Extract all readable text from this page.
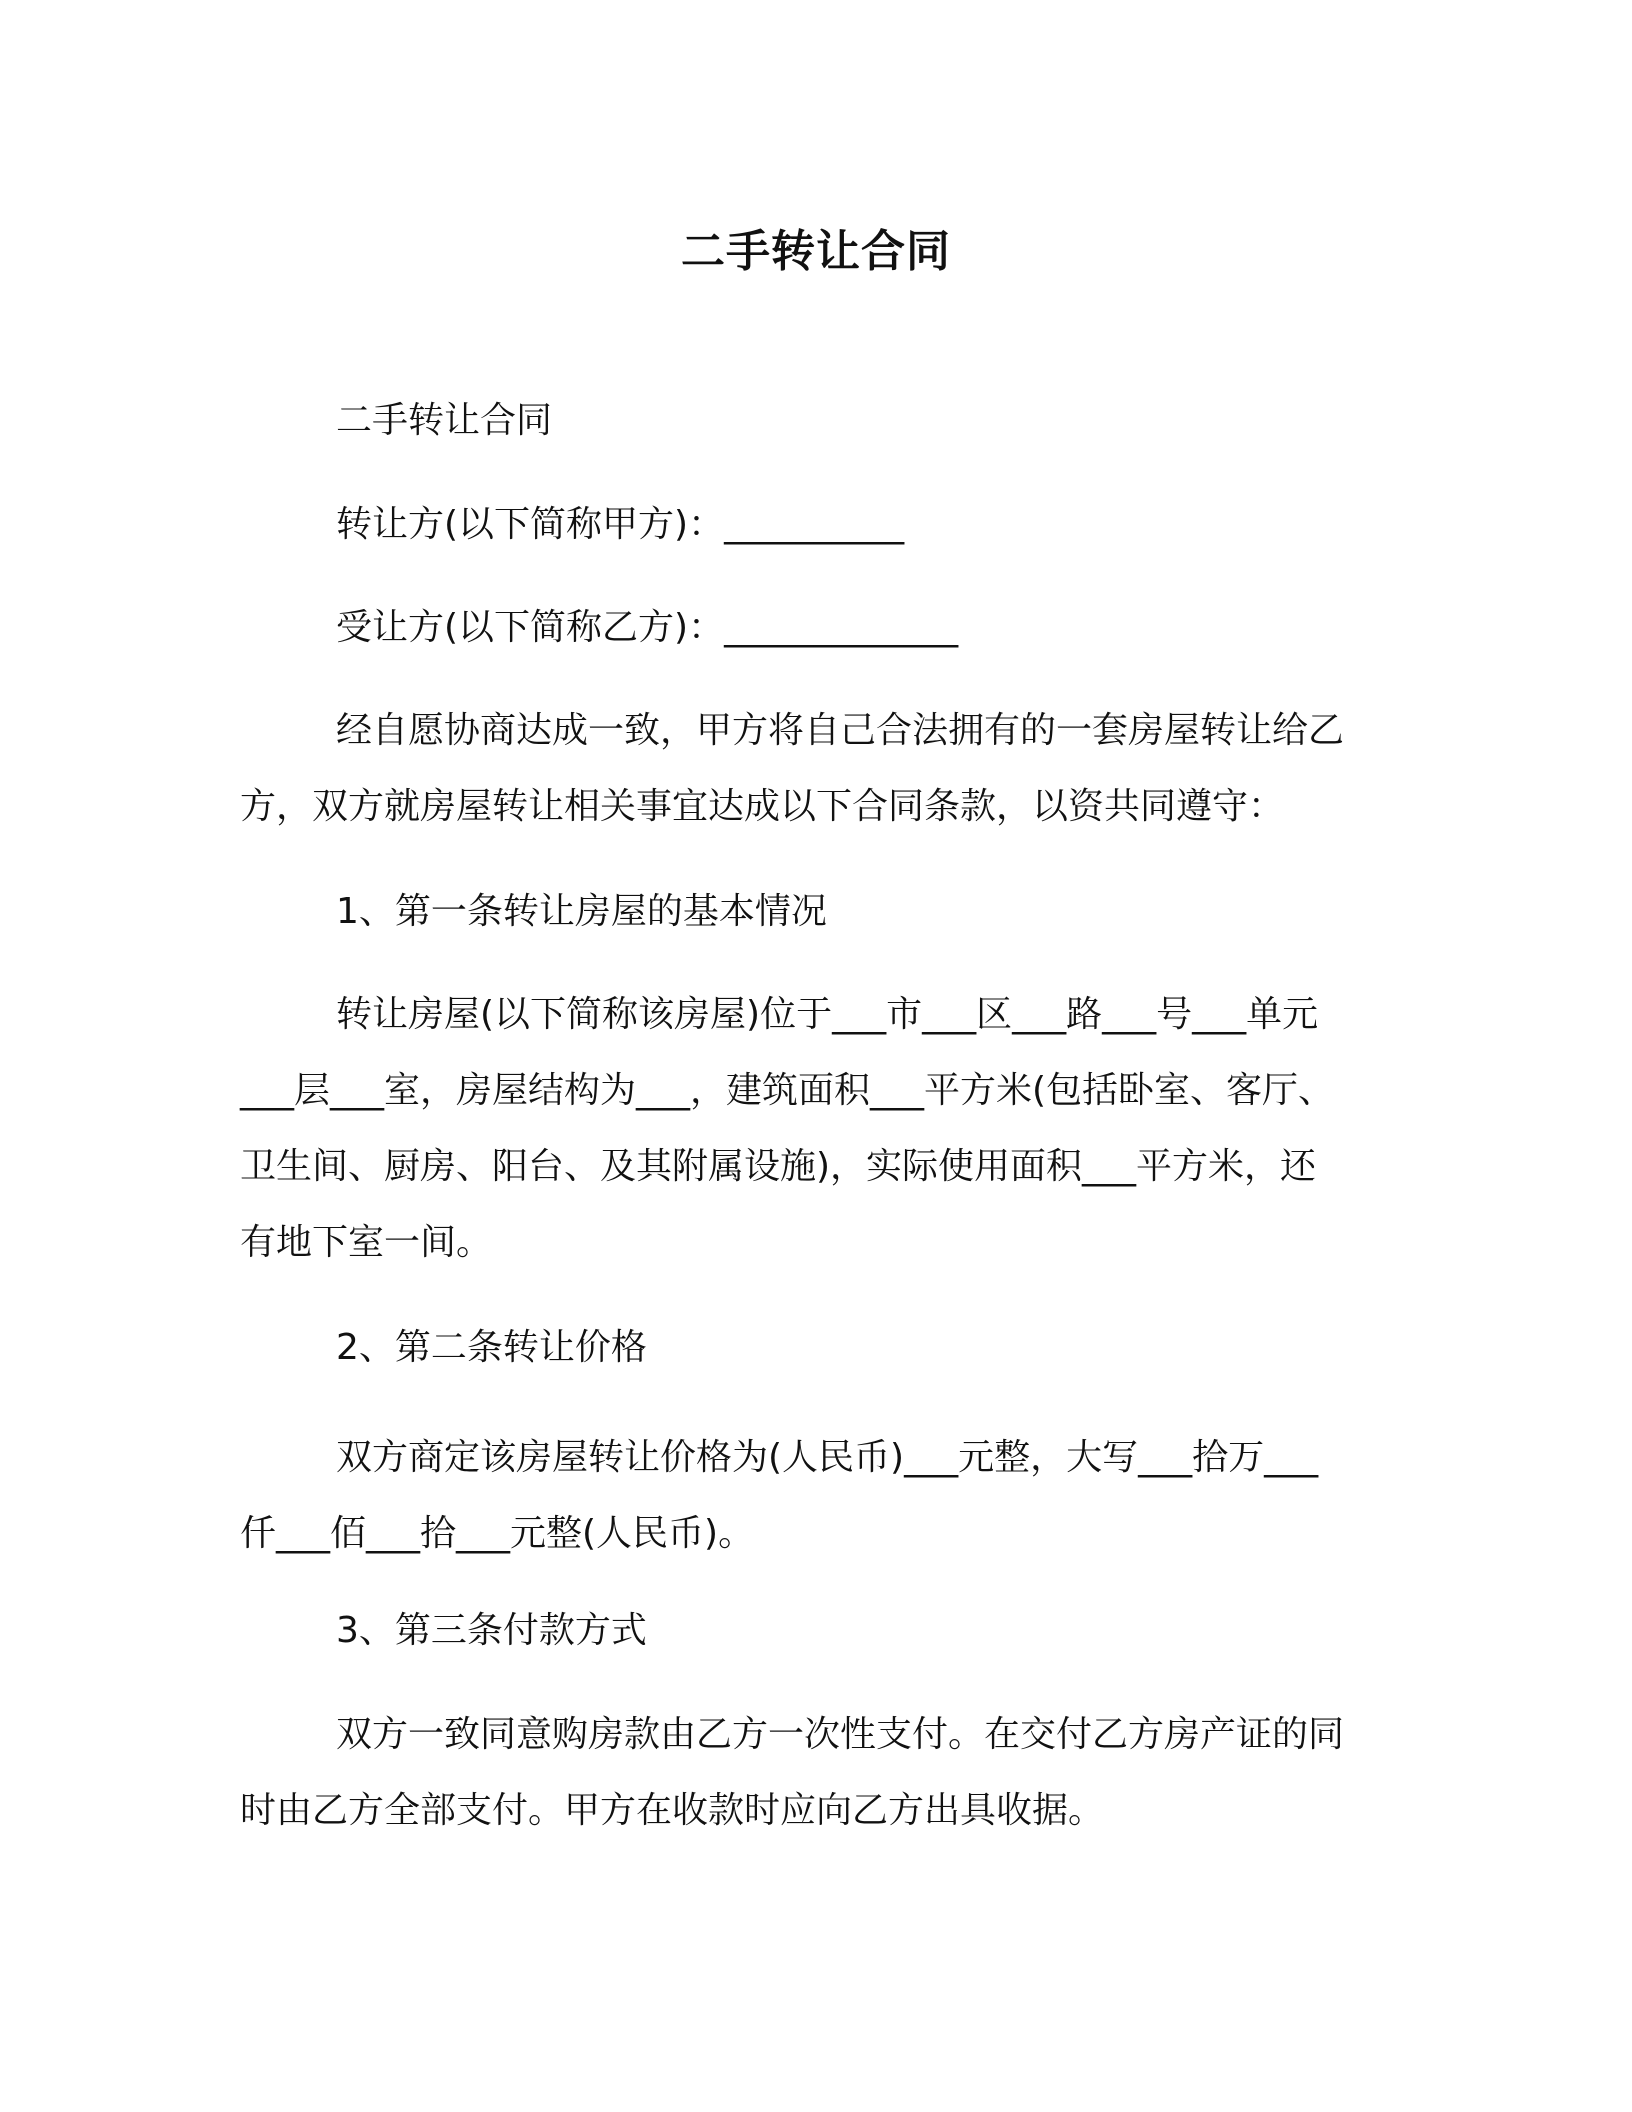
二手转让合同
二手转让合同
转让方(以下简称甲方)：__________
受让方(以下简称乙方)：_____________
经自愿协商达成一致，甲方将自己合法拥有的一套房屋转让给乙
方，双方就房屋转让相关事宜达成以下合同条款，以资共同遵守：
1、第一条转让房屋的基本情况
转让房屋(以下简称该房屋)位于___市___区___路___号___单元
___层___室，房屋结构为___，建筑面积___平方米(包括卧室、客厅、
卫生间、厨房、阳台、及其附属设施)，实际使用面积___平方米，还
有地下室一间。
2、第二条转让价格
双方商定该房屋转让价格为(人民币)___元整，大写___拾万___
仟___佰___拾___元整(人民币)。
3、第三条付款方式
双方一致同意购房款由乙方一次性支付。在交付乙方房产证的同
时由乙方全部支付。甲方在收款时应向乙方出具收据。
